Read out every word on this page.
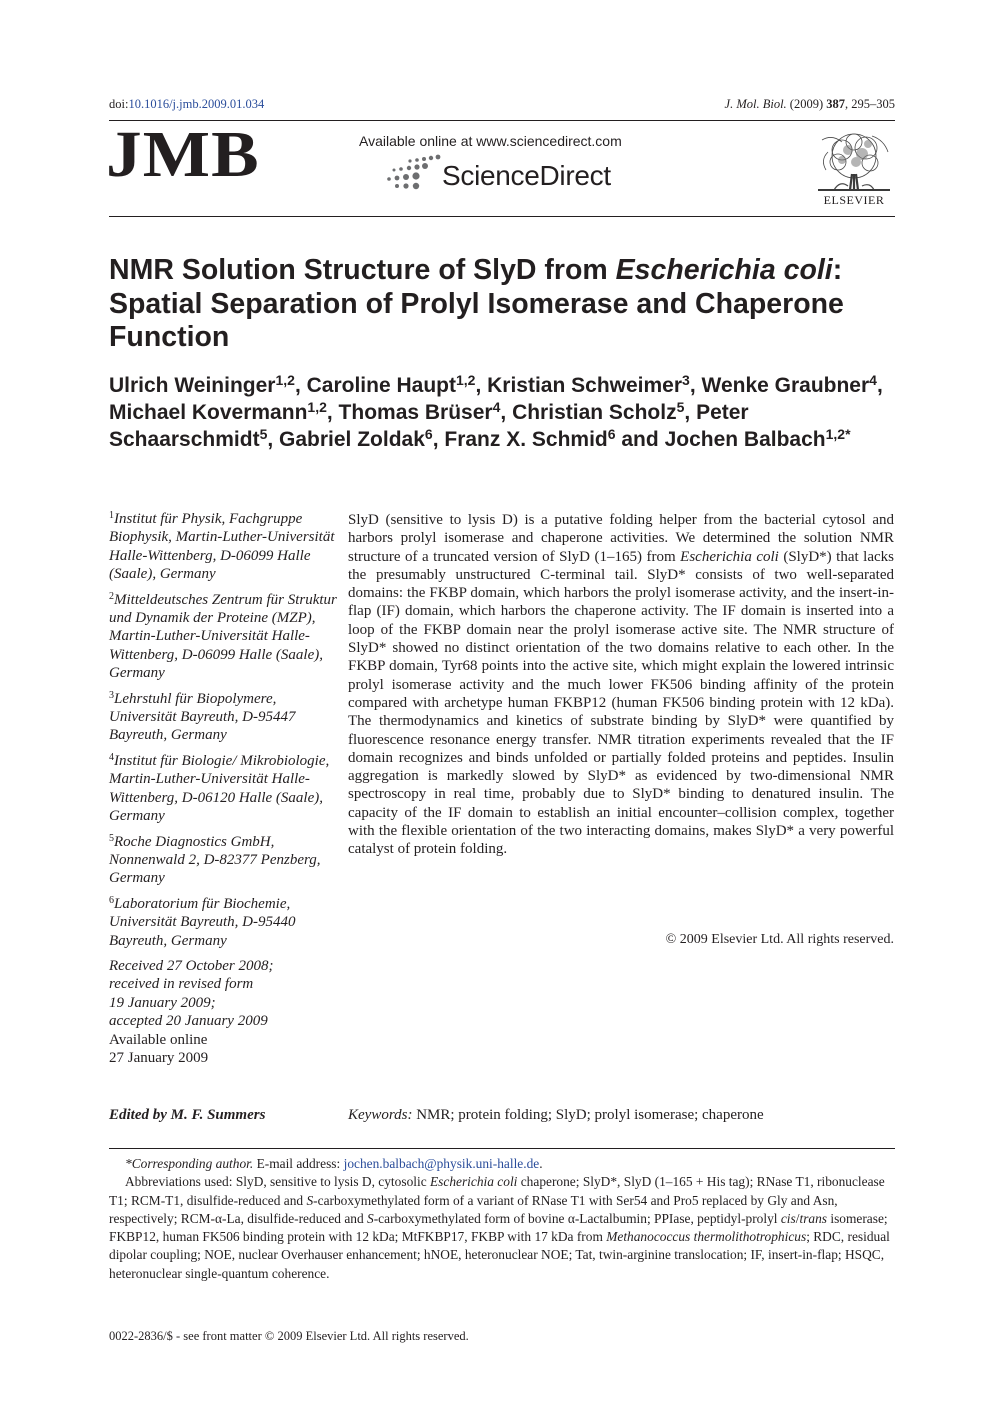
doi:10.1016/j.jmb.2009.01.034	J. Mol. Biol. (2009) 387, 295–305
JMB	Available online at www.sciencedirect.com
ScienceDirect
ELSEVIER
NMR Solution Structure of SlyD from Escherichia coli: Spatial Separation of Prolyl Isomerase and Chaperone Function
Ulrich Weininger$^{1,2}$, Caroline Haupt$^{1,2}$, Kristian Schweimer$^3$, Wenke Graubner$^4$, Michael Kovermann$^{1,2}$, Thomas Brüser$^4$, Christian Scholz$^5$, Peter Schaarschmidt$^5$, Gabriel Zoldak$^6$, Franz X. Schmid$^6$ and Jochen Balbach$^{1,2*}$
$^1$Institut für Physik, Fachgruppe Biophysik, Martin-Luther-Universität Halle-Wittenberg, D-06099 Halle (Saale), Germany
$^2$Mitteldeutsches Zentrum für Struktur und Dynamik der Proteine (MZP), Martin-Luther-Universität Halle-Wittenberg, D-06099 Halle (Saale), Germany
$^3$Lehrstuhl für Biopolymere, Universität Bayreuth, D-95447 Bayreuth, Germany
$^4$Institut für Biologie/ Mikrobiologie, Martin-Luther-Universität Halle-Wittenberg, D-06120 Halle (Saale), Germany
$^5$Roche Diagnostics GmbH, Nonnenwald 2, D-82377 Penzberg, Germany
$^6$Laboratorium für Biochemie, Universität Bayreuth, D-95440 Bayreuth, Germany

Received 27 October 2008;

received in revised form

19 January 2009;

accepted 20 January 2009

Available online

27 January 2009

Edited by M. F. Summers
SlyD (sensitive to lysis D) is a putative folding helper from the bacterial cytosol and harbors prolyl isomerase and chaperone activities. We determined the solution NMR structure of a truncated version of SlyD (1–165) from Escherichia coli (SlyD*) that lacks the presumably unstructured C-terminal tail. SlyD* consists of two well-separated domains: the FKBP domain, which harbors the prolyl isomerase activity, and the insert-in-flap (IF) domain, which harbors the chaperone activity. The IF domain is inserted into a loop of the FKBP domain near the prolyl isomerase active site. The NMR structure of SlyD* showed no distinct orientation of the two domains relative to each other. In the FKBP domain, Tyr68 points into the active site, which might explain the lowered intrinsic prolyl isomerase activity and the much lower FK506 binding affinity of the protein compared with archetype human FKBP12 (human FK506 binding protein with 12 kDa). The thermodynamics and kinetics of substrate binding by SlyD* were quantified by fluorescence resonance energy transfer. NMR titration experiments revealed that the IF domain recognizes and binds unfolded or partially folded proteins and peptides. Insulin aggregation is markedly slowed by SlyD* as evidenced by two-dimensional NMR spectroscopy in real time, probably due to SlyD* binding to denatured insulin. The capacity of the IF domain to establish an initial encounter–collision complex, together with the flexible orientation of the two interacting domains, makes SlyD* a very powerful catalyst of protein folding.
© 2009 Elsevier Ltd. All rights reserved.
Keywords: NMR; protein folding; SlyD; prolyl isomerase; chaperone

*Corresponding author. E-mail address: jochen.balbach@physik.uni-halle.de.

Abbreviations used: SlyD, sensitive to lysis D, cytosolic Escherichia coli chaperone; SlyD*, SlyD (1–165 + His tag); RNase T1, ribonuclease T1; RCM-T1, disulfide-reduced and S-carboxymethylated form of a variant of RNase T1 with Ser54 and Pro5 replaced by Gly and Asn, respectively; RCM-α-La, disulfide-reduced and S-carboxymethylated form of bovine α-Lactalbumin; PPIase, peptidyl-prolyl cis/trans isomerase; FKBP12, human FK506 binding protein with 12 kDa; MtFKBP17, FKBP with 17 kDa from Methanococcus thermolithotrophicus; RDC, residual dipolar coupling; NOE, nuclear Overhauser enhancement; hNOE, heteronuclear NOE; Tat, twin-arginine translocation; IF, insert-in-flap; HSQC, heteronuclear single-quantum coherence.

0022-2836/$ - see front matter © 2009 Elsevier Ltd. All rights reserved.
